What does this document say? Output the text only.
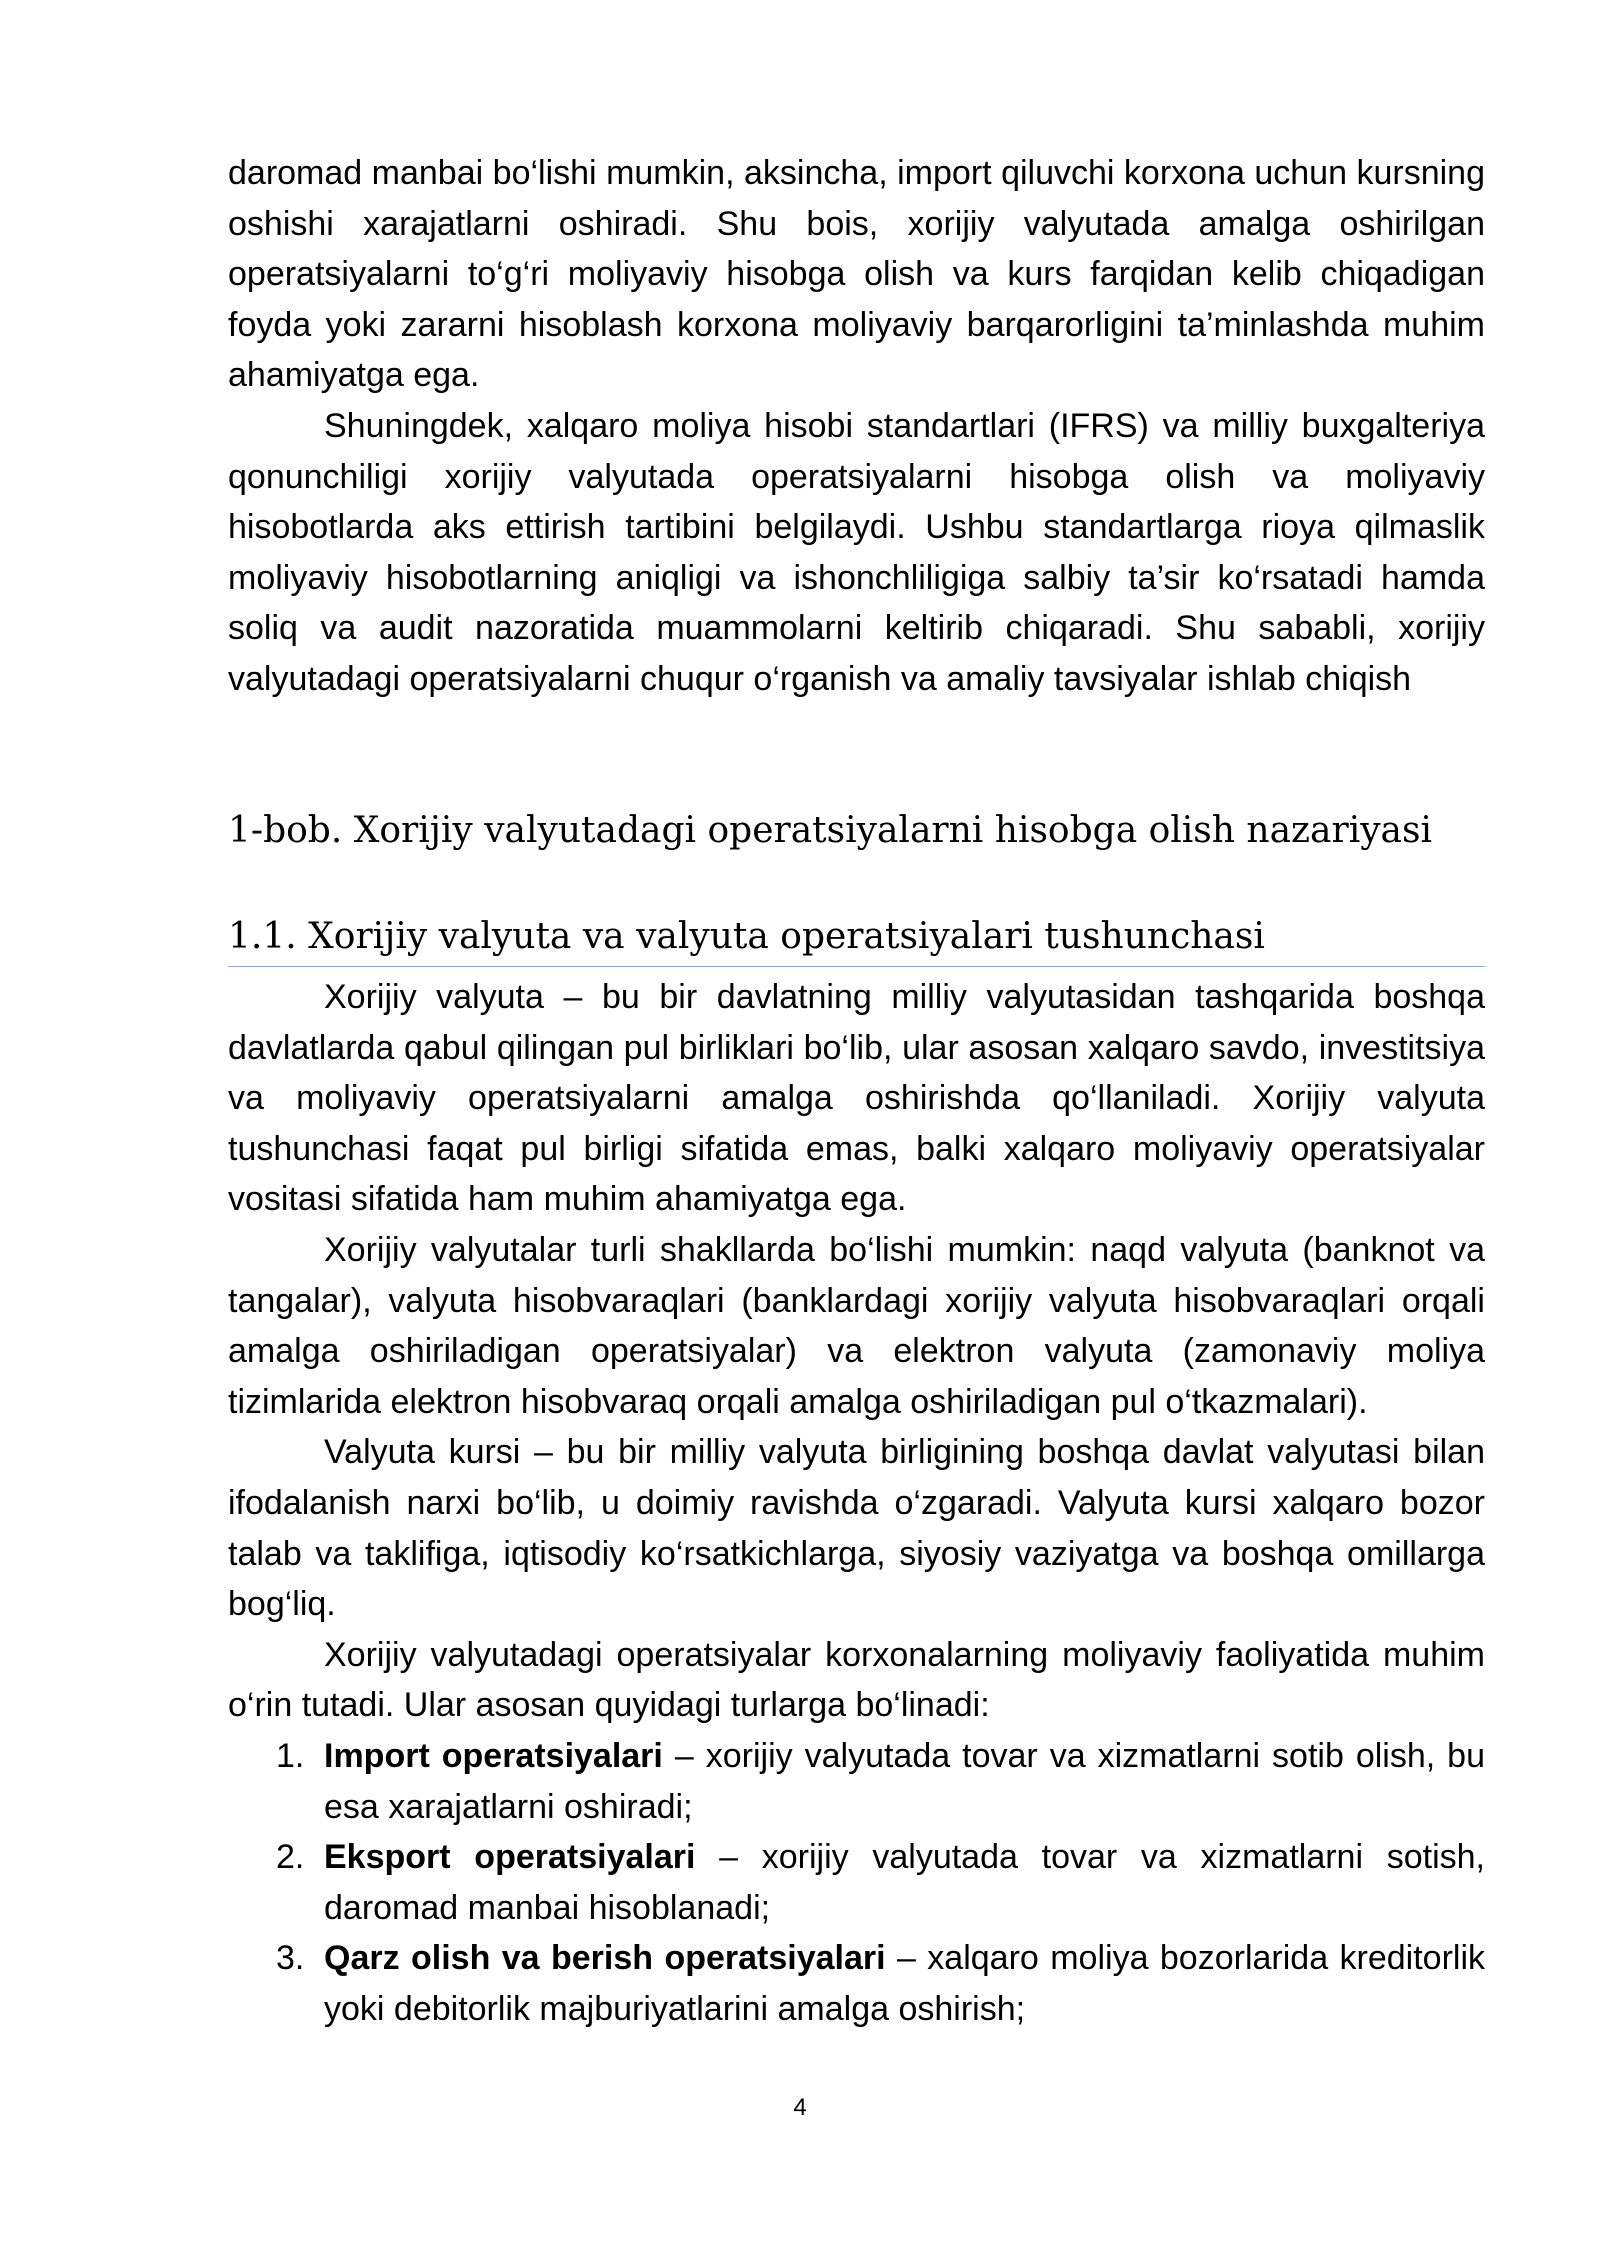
daromad manbai bo‘lishi mumkin, aksincha, import qiluvchi korxona uchun kursning oshishi xarajatlarni oshiradi. Shu bois, xorijiy valyutada amalga oshirilgan operatsiyalarni to‘g‘ri moliyaviy hisobga olish va kurs farqidan kelib chiqadigan foyda yoki zararni hisoblash korxona moliyaviy barqarorligini ta’minlashda muhim ahamiyatga ega.

Shuningdek, xalqaro moliya hisobi standartlari (IFRS) va milliy buxgalteriya qonunchiligi xorijiy valyutada operatsiyalarni hisobga olish va moliyaviy hisobotlarda aks ettirish tartibini belgilaydi. Ushbu standartlarga rioya qilmaslik moliyaviy hisobotlarning aniqligi va ishonchliligiga salbiy ta’sir ko‘rsatadi hamda soliq va audit nazoratida muammolarni keltirib chiqaradi. Shu sababli, xorijiy valyutadagi operatsiyalarni chuqur o‘rganish va amaliy tavsiyalar ishlab chiqish

1-bob. Xorijiy valyutadagi operatsiyalarni hisobga olish nazariyasi
1.1. Xorijiy valyuta va valyuta operatsiyalari tushunchasi

Xorijiy valyuta – bu bir davlatning milliy valyutasidan tashqarida boshqa davlatlarda qabul qilingan pul birliklari bo‘lib, ular asosan xalqaro savdo, investitsiya va moliyaviy operatsiyalarni amalga oshirishda qo‘llaniladi. Xorijiy valyuta tushunchasi faqat pul birligi sifatida emas, balki xalqaro moliyaviy operatsiyalar vositasi sifatida ham muhim ahamiyatga ega.

Xorijiy valyutalar turli shakllarda bo‘lishi mumkin: naqd valyuta (banknot va tangalar), valyuta hisobvaraqlari (banklardagi xorijiy valyuta hisobvaraqlari orqali amalga oshiriladigan operatsiyalar) va elektron valyuta (zamonaviy moliya tizimlarida elektron hisobvaraq orqali amalga oshiriladigan pul o‘tkazmalari).

Valyuta kursi – bu bir milliy valyuta birligining boshqa davlat valyutasi bilan ifodalanish narxi bo‘lib, u doimiy ravishda o‘zgaradi. Valyuta kursi xalqaro bozor talab va taklifiga, iqtisodiy ko‘rsatkichlarga, siyosiy vaziyatga va boshqa omillarga bog‘liq.

Xorijiy valyutadagi operatsiyalar korxonalarning moliyaviy faoliyatida muhim o‘rin tutadi. Ular asosan quyidagi turlarga bo‘linadi:

1. Import operatsiyalari – xorijiy valyutada tovar va xizmatlarni sotib olish, bu esa xarajatlarni oshiradi;
2. Eksport operatsiyalari – xorijiy valyutada tovar va xizmatlarni sotish, daromad manbai hisoblanadi;
3. Qarz olish va berish operatsiyalari – xalqaro moliya bozorlarida kreditorlik yoki debitorlik majburiyatlarini amalga oshirish;
4
